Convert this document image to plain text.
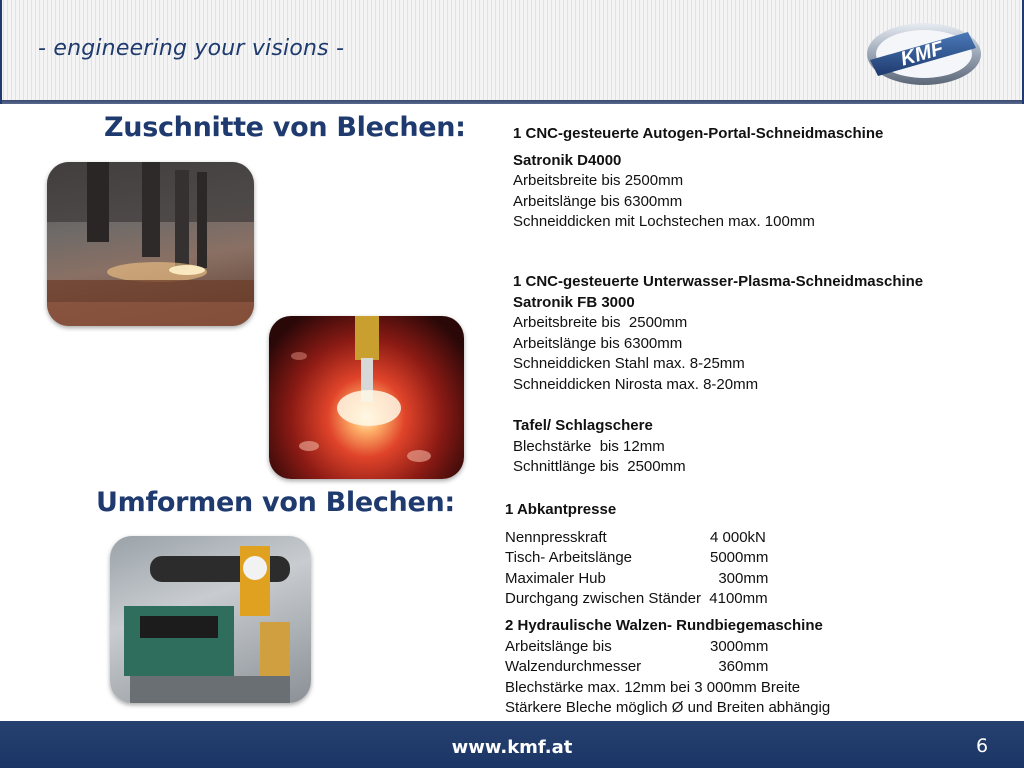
- engineering your visions -	KMF
Zuschnitte von Blechen:
Umformen von Blechen:
1 CNC-gesteuerte Autogen-Portal-Schneidmaschine
Satronik D4000
Arbeitsbreite bis 2500mm
Arbeitslänge bis 6300mm
Schneiddicken mit Lochstechen max. 100mm
1 CNC-gesteuerte Unterwasser-Plasma-Schneidmaschine
Satronik FB 3000
Arbeitsbreite bis  2500mm
Arbeitslänge bis 6300mm
Schneiddicken Stahl max. 8-25mm
Schneiddicken Nirosta max. 8-20mm
Tafel/ Schlagschere
Blechstärke  bis 12mm
Schnittlänge bis  2500mm
1 Abkantpresse
Nennpresskraft	4 000kN
Tisch- Arbeitslänge	5000mm
Maximaler Hub	300mm
Durchgang zwischen Ständer  4100mm
2 Hydraulische Walzen- Rundbiegemaschine
Arbeitslänge bis	3000mm
Walzendurchmesser	360mm
Blechstärke max. 12mm bei 3 000mm Breite
Stärkere Bleche möglich Ø und Breiten abhängig
www.kmf.at	6
